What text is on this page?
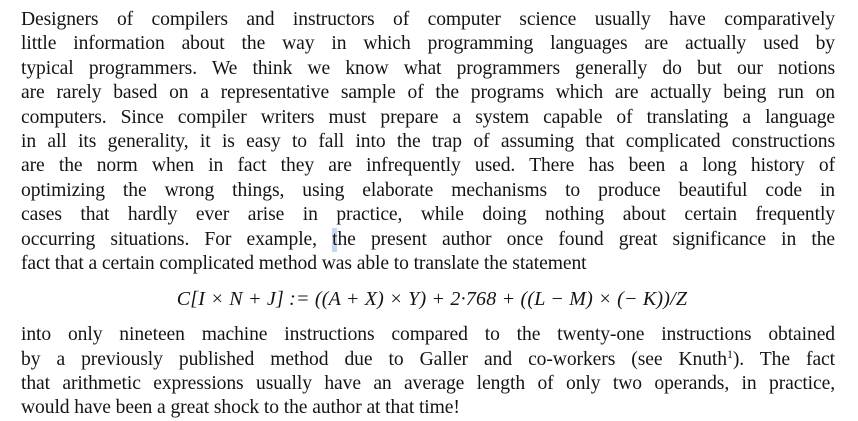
Designers of compilers and instructors of computer science usually have comparatively
little information about the way in which programming languages are actually used by
typical programmers. We think we know what programmers generally do but our notions
are rarely based on a representative sample of the programs which are actually being run on
computers. Since compiler writers must prepare a system capable of translating a language
in all its generality, it is easy to fall into the trap of assuming that complicated constructions
are the norm when in fact they are infrequently used. There has been a long history of
optimizing the wrong things, using elaborate mechanisms to produce beautiful code in
cases that hardly ever arise in practice, while doing nothing about certain frequently
occurring situations. For example, the present author once found great significance in the
fact that a certain complicated method was able to translate the statement
C[I × N + J] := ((A + X) × Y) + 2·768 + ((L − M) × (− K))/Z
into only nineteen machine instructions compared to the twenty-one instructions obtained
by a previously published method due to Galler and co-workers (see Knuth$^1$). The fact
that arithmetic expressions usually have an average length of only two operands, in practice,
would have been a great shock to the author at that time!
